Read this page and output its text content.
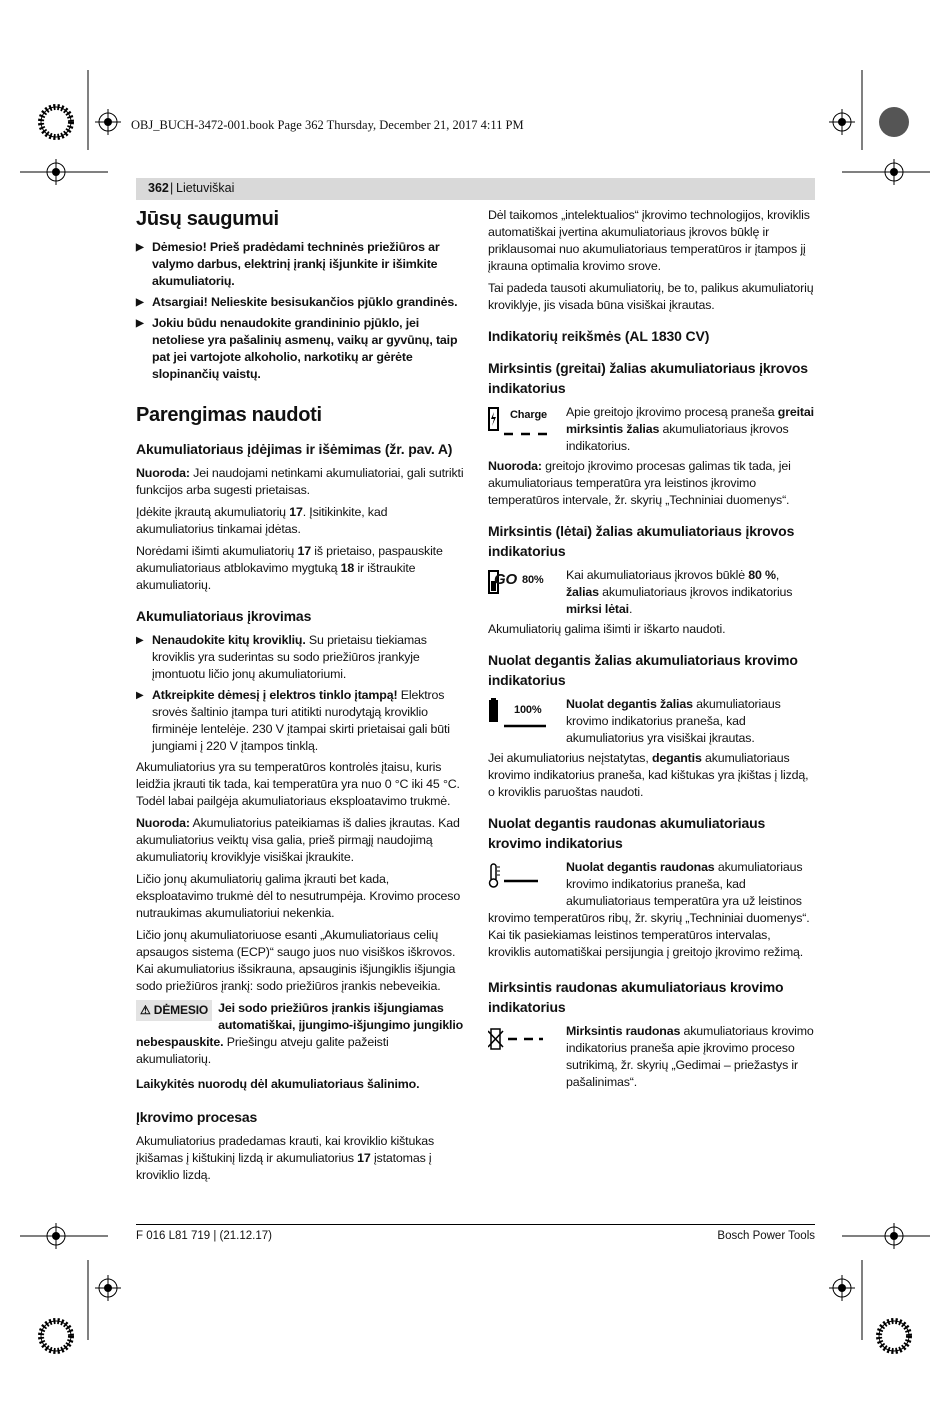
OBJ_BUCH-3472-001.book Page 362 Thursday, December 21, 2017 4:11 PM
362 | Lietuviškai
Jūsų saugumui
▶ Dėmesio! Prieš pradėdami techninės priežiūros ar valymo darbus, elektrinį įrankį išjunkite ir išimkite akumuliatorių.
▶ Atsargiai! Nelieskite besisukančios pjūklo grandinės.
▶ Jokiu būdu nenaudokite grandininio pjūklo, jei netoliese yra pašalinių asmenų, vaikų ar gyvūnų, taip pat jei vartojote alkoholio, narkotikų ar gėrėte slopinančių vaistų.
Parengimas naudoti
Akumuliatoriaus įdėjimas ir išėmimas (žr. pav. A)

Nuoroda: Jei naudojami netinkami akumuliatoriai, gali sutrikti funkcijos arba sugesti prietaisas.

Įdėkite įkrautą akumuliatorių 17. Įsitikinkite, kad akumuliatorius tinkamai įdėtas.

Norėdami išimti akumuliatorių 17 iš prietaiso, paspauskite akumuliatoriaus atblokavimo mygtuką 18 ir ištraukite akumuliatorių.

Akumuliatoriaus įkrovimas
▶ Nenaudokite kitų kroviklių. Su prietaisu tiekiamas kroviklis yra suderintas su sodo priežiūros įrankyje įmontuotu ličio jonų akumuliatoriumi.
▶ Atkreipkite dėmesį į elektros tinklo įtampą! Elektros srovės šaltinio įtampa turi atitikti nurodytąją kroviklio firminėje lentelėje. 230 V įtampai skirti prietaisai gali būti jungiami į 220 V įtampos tinklą.

Akumuliatorius yra su temperatūros kontrolės įtaisu, kuris leidžia įkrauti tik tada, kai temperatūra yra nuo 0 °C iki 45 °C. Todėl labai pailgėja akumuliatoriaus eksploatavimo trukmė.

Nuoroda: Akumuliatorius pateikiamas iš dalies įkrautas. Kad akumuliatorius veiktų visa galia, prieš pirmąjį naudojimą akumuliatorių kroviklyje visiškai įkraukite.

Ličio jonų akumuliatorių galima įkrauti bet kada, eksploatavimo trukmė dėl to nesutrumpėja. Krovimo proceso nutraukimas akumuliatoriui nekenkia.

Ličio jonų akumuliatoriuose esanti „Akumuliatoriaus celių apsaugos sistema (ECP)“ saugo juos nuo visiškos iškrovos. Kai akumuliatorius išsikrauna, apsauginis išjungiklis išjungia sodo priežiūros įrankį: sodo priežiūros įrankis nebeveikia.

⚠ DĖMESIO Jei sodo priežiūros įrankis išjungiamas automatiškai, įjungimo-išjungimo jungiklio nebespauskite. Priešingu atveju galite pažeisti akumuliatorių.

Laikykitės nuorodų dėl akumuliatoriaus šalinimo.

Įkrovimo procesas

Akumuliatorius pradedamas krauti, kai kroviklio kištukas įkišamas į kištukinį lizdą ir akumuliatorius 17 įstatomas į kroviklio lizdą.

Dėl taikomos „intelektualios“ įkrovimo technologijos, kroviklis automatiškai įvertina akumuliatoriaus įkrovos būklę ir priklausomai nuo akumuliatoriaus temperatūros ir įtampos jį įkrauna optimalia krovimo srove.

Tai padeda tausoti akumuliatorių, be to, palikus akumuliatorių kroviklyje, jis visada būna visiškai įkrautas.

Indikatorių reikšmės (AL 1830 CV)
Mirksintis (greitai) žalias akumuliatoriaus įkrovos indikatorius
Charge Apie greitojo įkrovimo procesą praneša greitai mirksintis žalias akumuliatoriaus įkrovos indikatorius.

Nuoroda: greitojo įkrovimo procesas galimas tik tada, jei akumuliatoriaus temperatūra yra leistinos įkrovimo temperatūros intervale, žr. skyrių „Techniniai duomenys“.

Mirksintis (lėtai) žalias akumuliatoriaus įkrovos indikatorius
GO 80% Kai akumuliatoriaus įkrovos būklė 80 %, žalias akumuliatoriaus įkrovos indikatorius mirksi lėtai.

Akumuliatorių galima išimti ir iškarto naudoti.

Nuolat degantis žalias akumuliatoriaus krovimo indikatorius
100% Nuolat degantis žalias akumuliatoriaus krovimo indikatorius praneša, kad akumuliatorius yra visiškai įkrautas.

Jei akumuliatorius neįstatytas, degantis akumuliatoriaus krovimo indikatorius praneša, kad kištukas yra įkištas į lizdą, o kroviklis paruoštas naudoti.

Nuolat degantis raudonas akumuliatoriaus krovimo indikatorius
Nuolat degantis raudonas akumuliatoriaus krovimo indikatorius praneša, kad akumuliatoriaus temperatūra yra už leistinos krovimo temperatūros ribų, žr. skyrių „Techniniai duomenys“. Kai tik pasiekiamas leistinos temperatūros intervalas, kroviklis automatiškai persijungia į greitojo įkrovimo režimą.
Mirksintis raudonas akumuliatoriaus krovimo indikatorius
Mirksintis raudonas akumuliatoriaus krovimo indikatorius praneša apie įkrovimo proceso sutrikimą, žr. skyrių „Gedimai – priežastys ir pašalinimas“.
F 016 L81 719 | (21.12.17)	Bosch Power Tools
